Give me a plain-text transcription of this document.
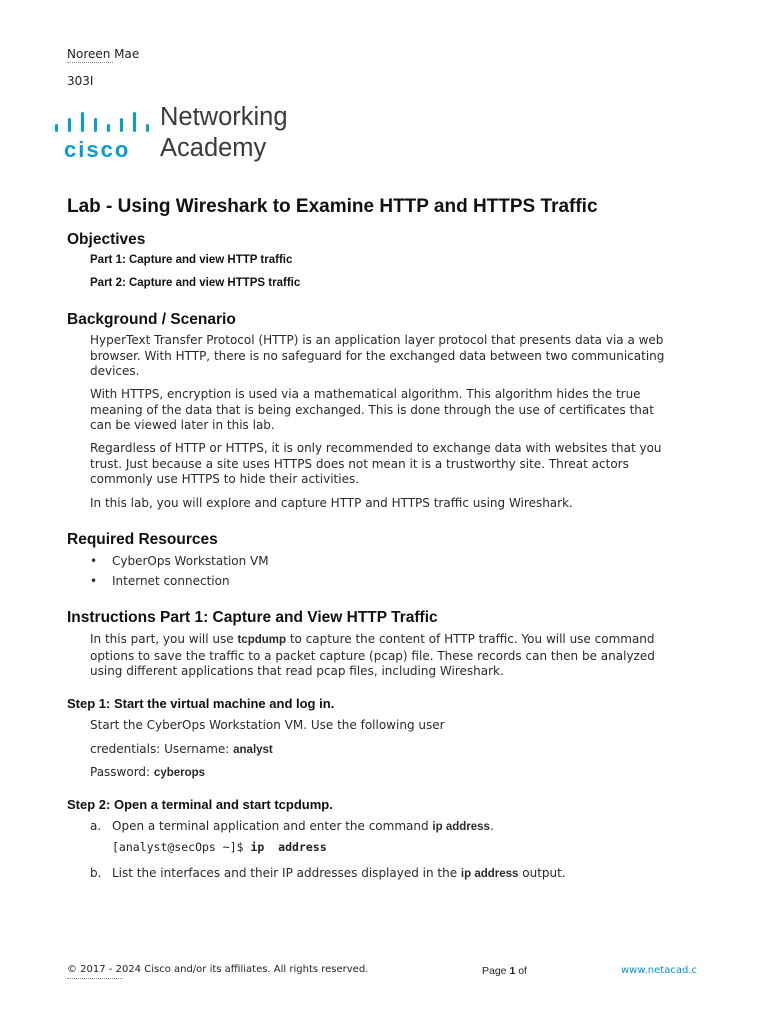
Noreen Mae
303I
cisco
Networking
Academy
Lab - Using Wireshark to Examine HTTP and HTTPS Traffic
Objectives
Part 1: Capture and view HTTP traffic
Part 2: Capture and view HTTPS traffic
Background / Scenario
HyperText Transfer Protocol (HTTP) is an application layer protocol that presents data via a web
browser. With HTTP, there is no safeguard for the exchanged data between two communicating
devices.
With HTTPS, encryption is used via a mathematical algorithm. This algorithm hides the true
meaning of the data that is being exchanged. This is done through the use of certificates that
can be viewed later in this lab.
Regardless of HTTP or HTTPS, it is only recommended to exchange data with websites that you
trust. Just because a site uses HTTPS does not mean it is a trustworthy site. Threat actors
commonly use HTTPS to hide their activities.
In this lab, you will explore and capture HTTP and HTTPS traffic using Wireshark.
Required Resources
• CyberOps Workstation VM
• Internet connection
Instructions Part 1: Capture and View HTTP Traffic
In this part, you will use tcpdump to capture the content of HTTP traffic. You will use command
options to save the traffic to a packet capture (pcap) file. These records can then be analyzed
using different applications that read pcap files, including Wireshark.
Step 1: Start the virtual machine and log in.
Start the CyberOps Workstation VM. Use the following user
credentials: Username: analyst
Password: cyberops
Step 2: Open a terminal and start tcpdump.
a. Open a terminal application and enter the command ip address.
[analyst@secOps ~]$ ip  address
b. List the interfaces and their IP addresses displayed in the ip address output.
© 2017 - 2024 Cisco and/or its affiliates. All rights reserved.	Page 1 of	www.netacad.c
